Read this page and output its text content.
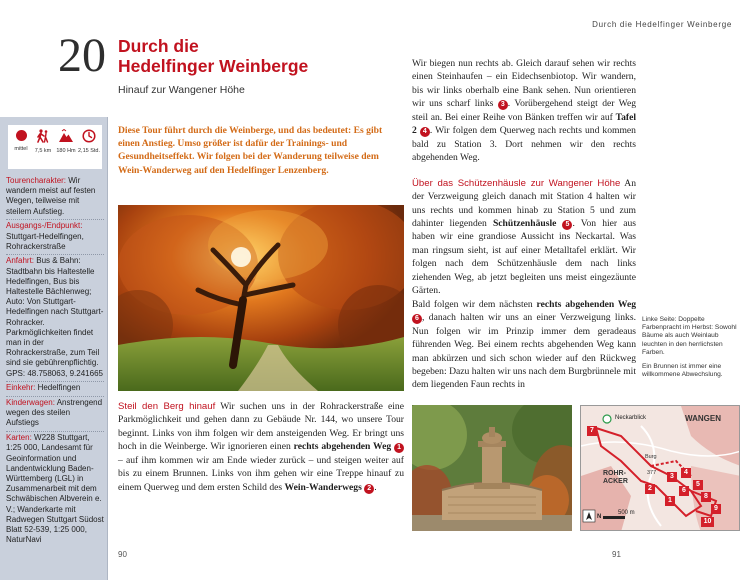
mittel	7,5 km 180 Hm 2,15 Std.

Tourencharakter: Wir wandern meist auf festen Wegen, teilweise mit steilem Aufstieg.

Ausgangs-/Endpunkt: Stuttgart-Hedelfingen, Rohrackerstraße

Anfahrt: Bus & Bahn: Stadtbahn bis Haltestelle Hedelfingen, Bus bis Haltestelle Bächlenweg; Auto: Von Stuttgart-Hedelfingen nach Stuttgart-Rohracker. Parkmöglichkeiten findet man in der Rohrackerstraße, zum Teil sind sie gebührenpflichtig. GPS: 48.758063, 9.241665

Einkehr: Hedelfingen

Kinderwagen: Anstrengend wegen des steilen Aufstiegs

Karten: W228 Stuttgart, 1:25 000, Landesamt für Geoinformation und Landentwicklung Baden-Württemberg (LGL) in Zusammenarbeit mit dem Schwäbischen Albverein e. V.; Wanderkarte mit Radwegen Stuttgart Südost Blatt 52-539, 1:25 000, NaturNavi

20 Durch die
Hedelfinger Weinberge
Hinauf zur Wangener Höhe
Diese Tour führt durch die Weinberge, und das bedeutet: Es gibt einen Anstieg. Umso größer ist dafür der Trainings- und Gesundheitseffekt. Wir folgen bei der Wanderung teilweise dem Wein-Wanderweg auf den Hedelfinger Lenzenberg.
Steil den Berg hinauf Wir suchen uns in der Rohrackerstraße eine Parkmöglichkeit und gehen dann zu Gebäude Nr. 144, wo unsere Tour beginnt. Links von ihm folgen wir dem ansteigenden Weg. Er bringt uns hoch in die Weinberge. Wir ignorieren einen rechts abgehenden Weg 1 – auf ihm kommen wir am Ende wieder zurück – und steigen weiter auf bis zu einem Brunnen. Links von ihm gehen wir eine Treppe hinauf zu einem Querweg und dem ersten Schild des Wein-Wanderwegs 2 .
90
Durch die Hedelfinger Weinberge
Wir biegen nun rechts ab. Gleich darauf sehen wir rechts einen Steinhaufen – ein Eidechsenbiotop. Wir wandern, bis wir links oberhalb eine Bank sehen. Nun orientieren wir uns scharf links 3 . Vorübergehend steigt der Weg steil an. Bei einer Reihe von Bänken treffen wir auf Tafel 2 4 . Wir folgen dem Querweg nach rechts und kommen bald zu Station 3. Dort nehmen wir den rechts abgehenden Weg.
Über das Schützenhäusle zur Wangener Höhe An der Verzweigung gleich danach mit Station 4 halten wir uns rechts und kommen hinab zu Station 5 und zum dahinter liegenden Schützenhäusle 5 . Von hier aus haben wir eine grandiose Aussicht ins Neckartal. Was man ringsum sieht, ist auf einer Metalltafel erklärt. Wir folgen nach dem Schützenhäusle dem nach links ziehenden Weg, ab jetzt begleiten uns meist eingezäunte Gärten.
Bald folgen wir dem nächsten rechts abgehenden Weg 6 , danach halten wir uns an einer Verzweigung links. Nun folgen wir im Prinzip immer dem geradeaus führenden Weg. Bei einem rechts abgehenden Weg kann man abkürzen und sich schon wieder auf den Rückweg begeben: Dazu halten wir uns nach dem Burgbrünnele mit dem liegenden Faun rechts in

Linke Seite: Doppelte Farbenpracht im Herbst: Sowohl Bäume als auch Weinlaub leuchten in den herrlichsten Farben.

Ein Brunnen ist immer eine willkommene Abwechslung.

Neckarblick	WANGEN
ROHR-ACKER
Burg
377
N
500 m
1
2
3
4
5
6
7
8
9
10
91
